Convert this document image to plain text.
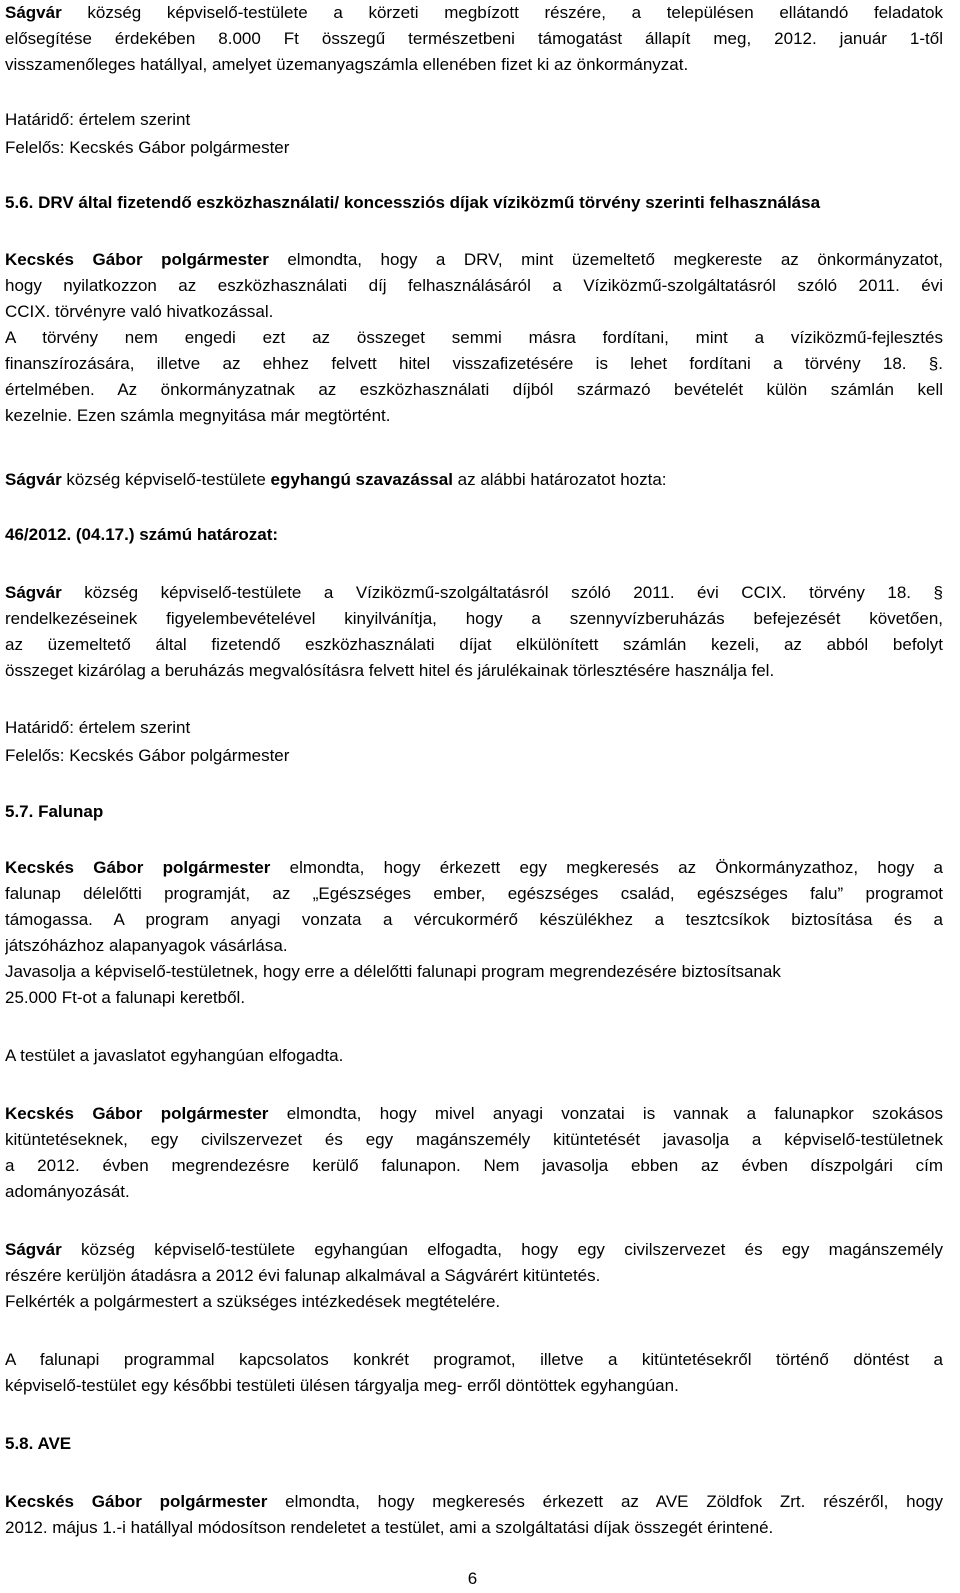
Ságvár község képviselő-testülete a körzeti megbízott részére, a településen ellátandó feladatok
elősegítése érdekében 8.000 Ft összegű természetbeni támogatást állapít meg, 2012. január 1-től
visszamenőleges hatállyal, amelyet üzemanyagszámla ellenében fizet ki az önkormányzat.
Határidő: értelem szerint
Felelős: Kecskés Gábor polgármester
5.6. DRV által fizetendő eszközhasználati/ koncessziós díjak víziközmű törvény szerinti felhasználása
Kecskés Gábor polgármester elmondta, hogy a DRV, mint üzemeltető megkereste az önkormányzatot,
hogy nyilatkozzon az eszközhasználati díj felhasználásáról a Víziközmű-szolgáltatásról szóló 2011. évi
CCIX. törvényre való hivatkozással.
A törvény nem engedi ezt az összeget semmi másra fordítani, mint a víziközmű-fejlesztés
finanszírozására, illetve az ehhez felvett hitel visszafizetésére is lehet fordítani a törvény 18. §.
értelmében. Az önkormányzatnak az eszközhasználati díjból származó bevételét külön számlán kell
kezelnie. Ezen számla megnyitása már megtörtént.
Ságvár község képviselő-testülete egyhangú szavazással az alábbi határozatot hozta:
46/2012. (04.17.) számú határozat:
Ságvár község képviselő-testülete a Víziközmű-szolgáltatásról szóló 2011. évi CCIX. törvény 18. §
rendelkezéseinek figyelembevételével kinyilvánítja, hogy a szennyvízberuházás befejezését követően,
az üzemeltető által fizetendő eszközhasználati díjat elkülönített számlán kezeli, az abból befolyt
összeget kizárólag a beruházás megvalósításra felvett hitel és járulékainak törlesztésére használja fel.
Határidő: értelem szerint
Felelős: Kecskés Gábor polgármester
5.7. Falunap
Kecskés Gábor polgármester elmondta, hogy érkezett egy megkeresés az Önkormányzathoz, hogy a
falunap délelőtti programját, az „Egészséges ember, egészséges család, egészséges falu” programot
támogassa. A program anyagi vonzata a vércukormérő készülékhez a tesztcsíkok biztosítása és a
játszóházhoz alapanyagok vásárlása.
Javasolja a képviselő-testületnek, hogy erre a délelőtti falunapi program megrendezésére biztosítsanak
25.000 Ft-ot a falunapi keretből.
A testület a javaslatot egyhangúan elfogadta.
Kecskés Gábor polgármester elmondta, hogy mivel anyagi vonzatai is vannak a falunapkor szokásos
kitüntetéseknek, egy civilszervezet és egy magánszemély kitüntetését javasolja a képviselő-testületnek
a 2012. évben megrendezésre kerülő falunapon. Nem javasolja ebben az évben díszpolgári cím
adományozását.
Ságvár község képviselő-testülete egyhangúan elfogadta, hogy egy civilszervezet és egy magánszemély
részére kerüljön átadásra a 2012 évi falunap alkalmával a Ságvárért kitüntetés.
Felkérték a polgármestert a szükséges intézkedések megtételére.
A falunapi programmal kapcsolatos konkrét programot, illetve a kitüntetésekről történő döntést a
képviselő-testület egy későbbi testületi ülésen tárgyalja meg- erről döntöttek egyhangúan.
5.8. AVE
Kecskés Gábor polgármester elmondta, hogy megkeresés érkezett az AVE Zöldfok Zrt. részéről, hogy
2012. május 1.-i hatállyal módosítson rendeletet a testület, ami a szolgáltatási díjak összegét érintené.
6
